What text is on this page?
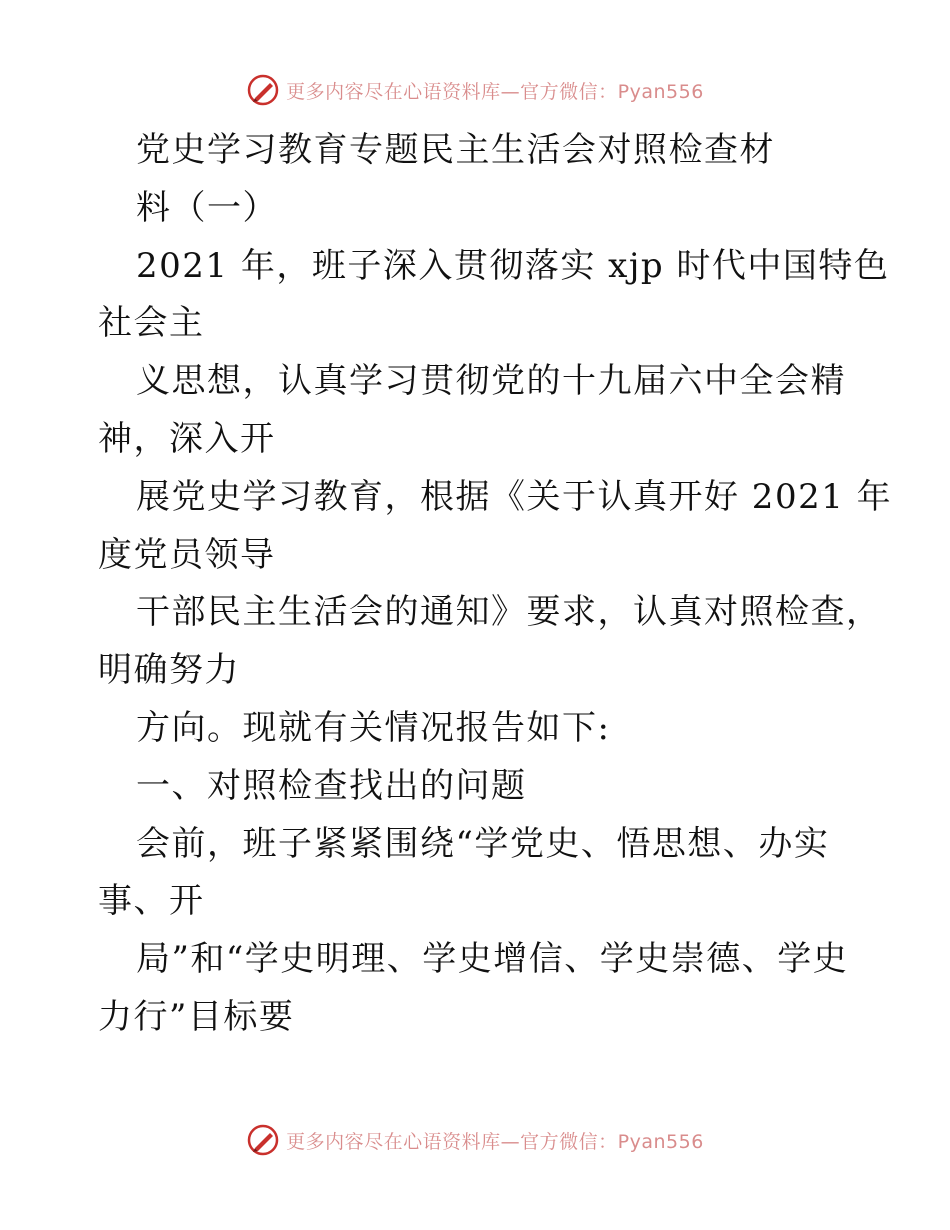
更多内容尽在心语资料库—官方微信：Pyan556

党史学习教育专题民主生活会对照检查材

料（一）

2021 年，班子深入贯彻落实 xjp 时代中国特色

社会主

义思想，认真学习贯彻党的十九届六中全会精

神，深入开

展党史学习教育，根据《关于认真开好 2021 年

度党员领导

干部民主生活会的通知》要求，认真对照检查，

明确努力

方向。现就有关情况报告如下:

一、对照检查找出的问题

会前，班子紧紧围绕“学党史、悟思想、办实

事、开

局”和“学史明理、学史增信、学史崇德、学史

力行”目标要

更多内容尽在心语资料库—官方微信：Pyan556
